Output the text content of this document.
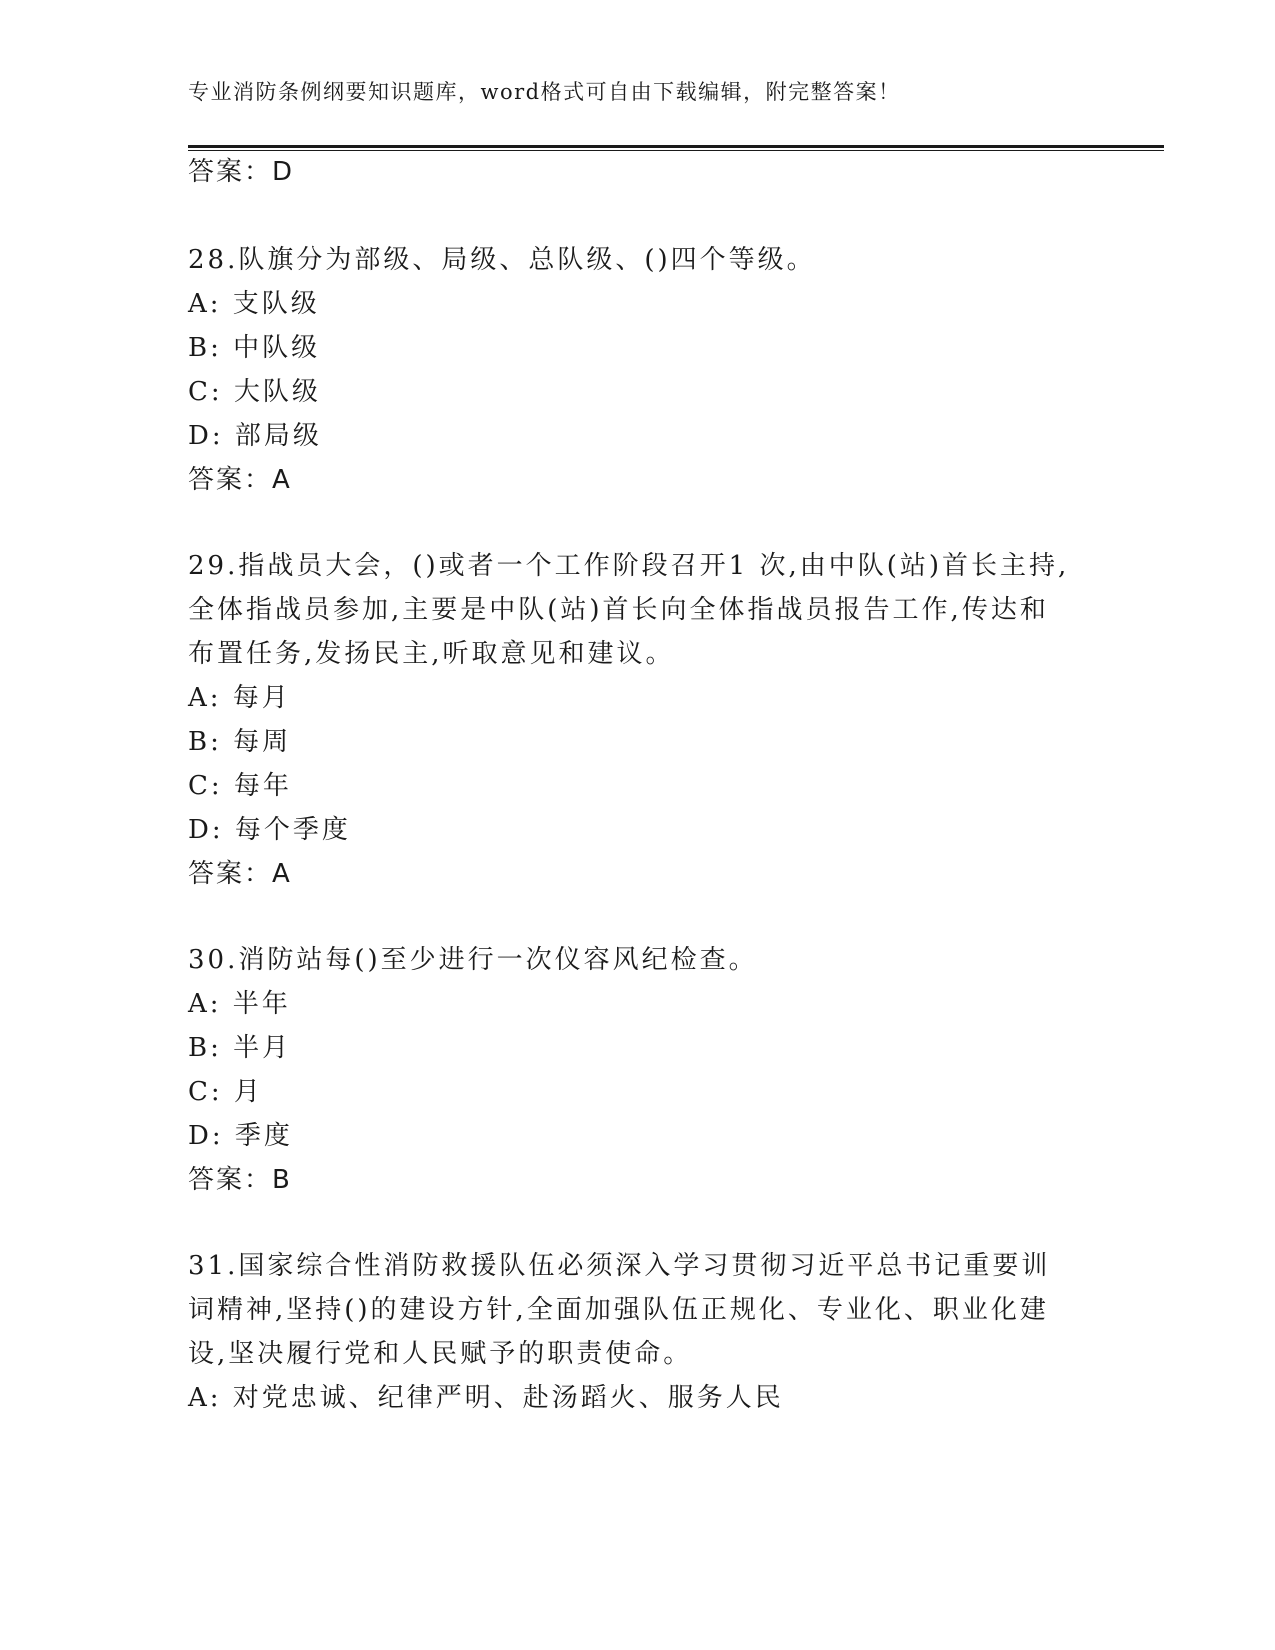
专业消防条例纲要知识题库，word格式可自由下载编辑，附完整答案！
答案：D
28.队旗分为部级、局级、总队级、()四个等级。
A: 支队级
B: 中队级
C: 大队级
D: 部局级
答案：A
29.指战员大会，()或者一个工作阶段召开1 次,由中队(站)首长主持,
全体指战员参加,主要是中队(站)首长向全体指战员报告工作,传达和
布置任务,发扬民主,听取意见和建议。
A: 每月
B: 每周
C: 每年
D: 每个季度
答案：A
30.消防站每()至少进行一次仪容风纪检查。
A: 半年
B: 半月
C: 月
D: 季度
答案：B
31.国家综合性消防救援队伍必须深入学习贯彻习近平总书记重要训
词精神,坚持()的建设方针,全面加强队伍正规化、专业化、职业化建
设,坚决履行党和人民赋予的职责使命。
A: 对党忠诚、纪律严明、赴汤蹈火、服务人民
